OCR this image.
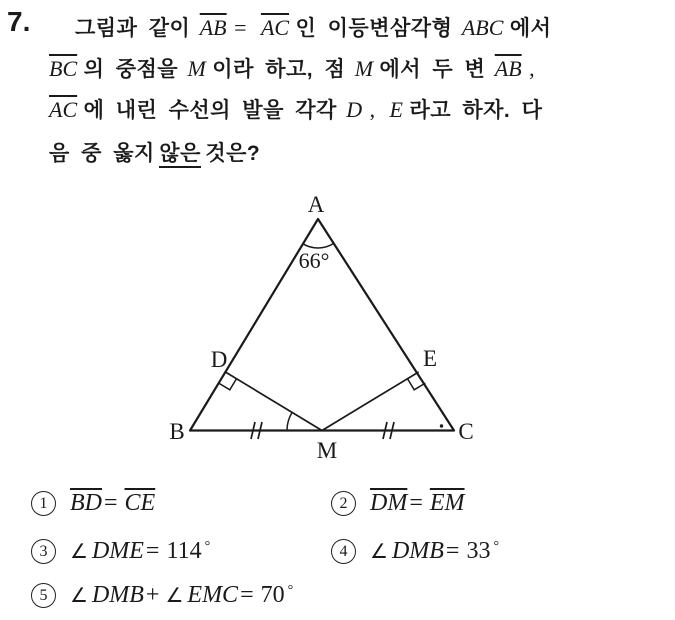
7. 그림과 같이 $\overline{AB} = \overline{AC}$ 인 이등변삼각형 ABC 에서
$\overline{BC}$ 의 중점을 M 이라 하고, 점 M 에서 두 변 $\overline{AB}$ ,
$\overline{AC}$ 에 내린 수선의 발을 각각 D , E 라고 하자. 다
음 중 옳지 않은 것은?
A
B	C
D	E
M
66°
1 $\overline{BD}= \overline{CE}$	2 $\overline{DM}= \overline{EM}$
3	∠ DME= 114 °	4	∠ DMB= 33 °
5	∠ DMB+ ∠ EMC= 70 °
